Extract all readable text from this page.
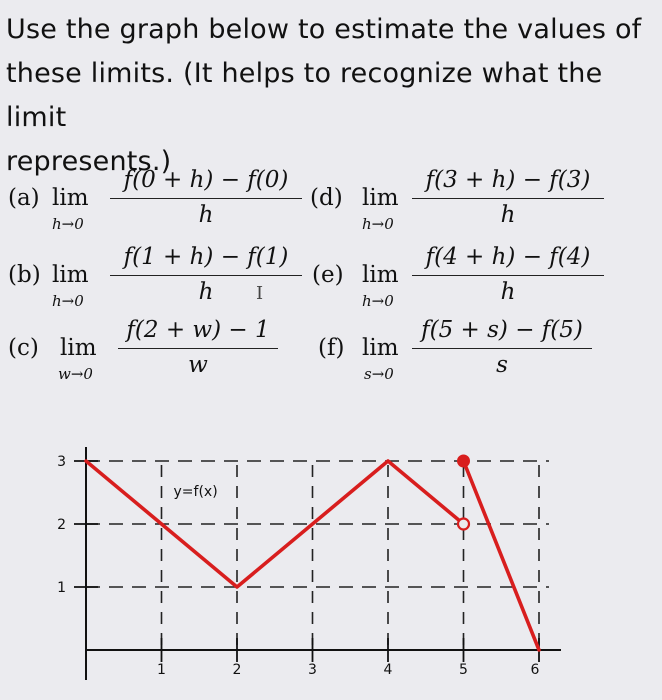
Use the graph below to estimate the values of
these limits. (It helps to recognize what the limit
represents.)
(a) lim
h→0
f(0 + h) − f(0)
h
(b) lim
h→0
f(1 + h) − f(1)
h
(c) lim
w→0
f(2 + w) − 1
w
(d) lim
h→0
f(3 + h) − f(3)
h
(e) lim
h→0
f(4 + h) − f(4)
h
(f) lim
s→0
f(5 + s) − f(5)
s
I
1	2	3	4	5	6
1
2
3
y=f(x)
